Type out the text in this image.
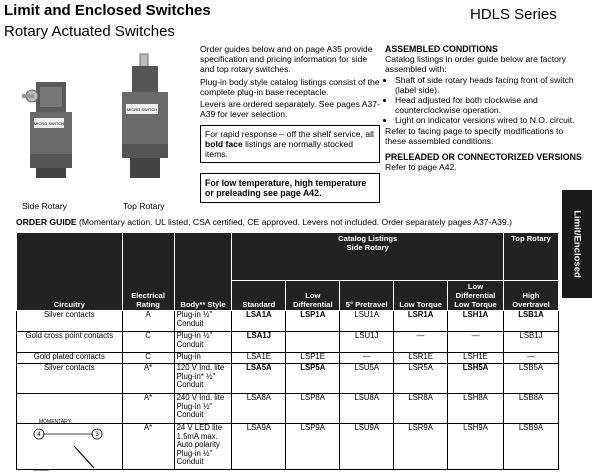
Limit and Enclosed Switches
Rotary Actuated Switches
HDLS Series
MICRO SWITCH
MICRO SWITCH
Side Rotary	Top Rotary

Order guides below and on page A35 provide specification and pricing information for side and top rotary switches.

Plug-in body style catalog listings consist of the complete plug-in base receptacle.

Levers are ordered separately. See pages A37-A39 for lever selection.

For rapid response – off the shelf service, all bold face listings are normally stocked items.
For low temperature, high temperature or preleading see page A42.
ASSEMBLED CONDITIONS
Catalog listings in order guide below are factory assembled with:
• Shaft of side rotary heads facing front of switch (label side).
• Head adjusted for both clockwise and counterclockwise operation.
• Light on indicator versions wired to N.O. circuit.
Refer to facing page to specify modifications to these assembled conditions.
PRELEADED OR CONNECTORIZED VERSIONS
Refer to page A42.
Limit/Enclosed
ORDER GUIDE (Momentary action. UL listed, CSA certified, CE approved. Levers not included. Order separately pages A37-A39.)
Circuitry	Electrical Rating	Body** Style	Catalog Listings
Side Rotary					Top Rotary
			Standard	Low Differential	5° Pretravel	Low Torque	Low Differential Low Torque	High Overtravel
Silver contacts	A	Plug-in ½" Conduit	LSA1A	LSP1A	LSU1A	LSR1A	LSH1A	LSB1A
Gold cross point contacts	C	Plug-in ½" Conduit	LSA1J		LSU1J	—	—	LSB1J
Gold plated contacts	C	Plug-in	LSA1E	LSP1E	—	LSR1E	LSH1E	—
Silver contacts	A*	120 V Ind. lite Plug-in* ½" Conduit	LSA5A	LSP5A	LSU5A	LSR5A	LSH5A	LSB5A
	A*	240 V Ind. lite Plug-in ½" Conduit	LSA8A	LSP8A	LSU8A	LSR8A	LSH8A	LSB8A

MOMENTARY
4 3	A*	24 V LED lite 1.5mA max. Auto polarity Plug-in ½" Conduit	LSA9A	LSP9A	LSU9A	LSR9A	LSH9A	LSB9A
